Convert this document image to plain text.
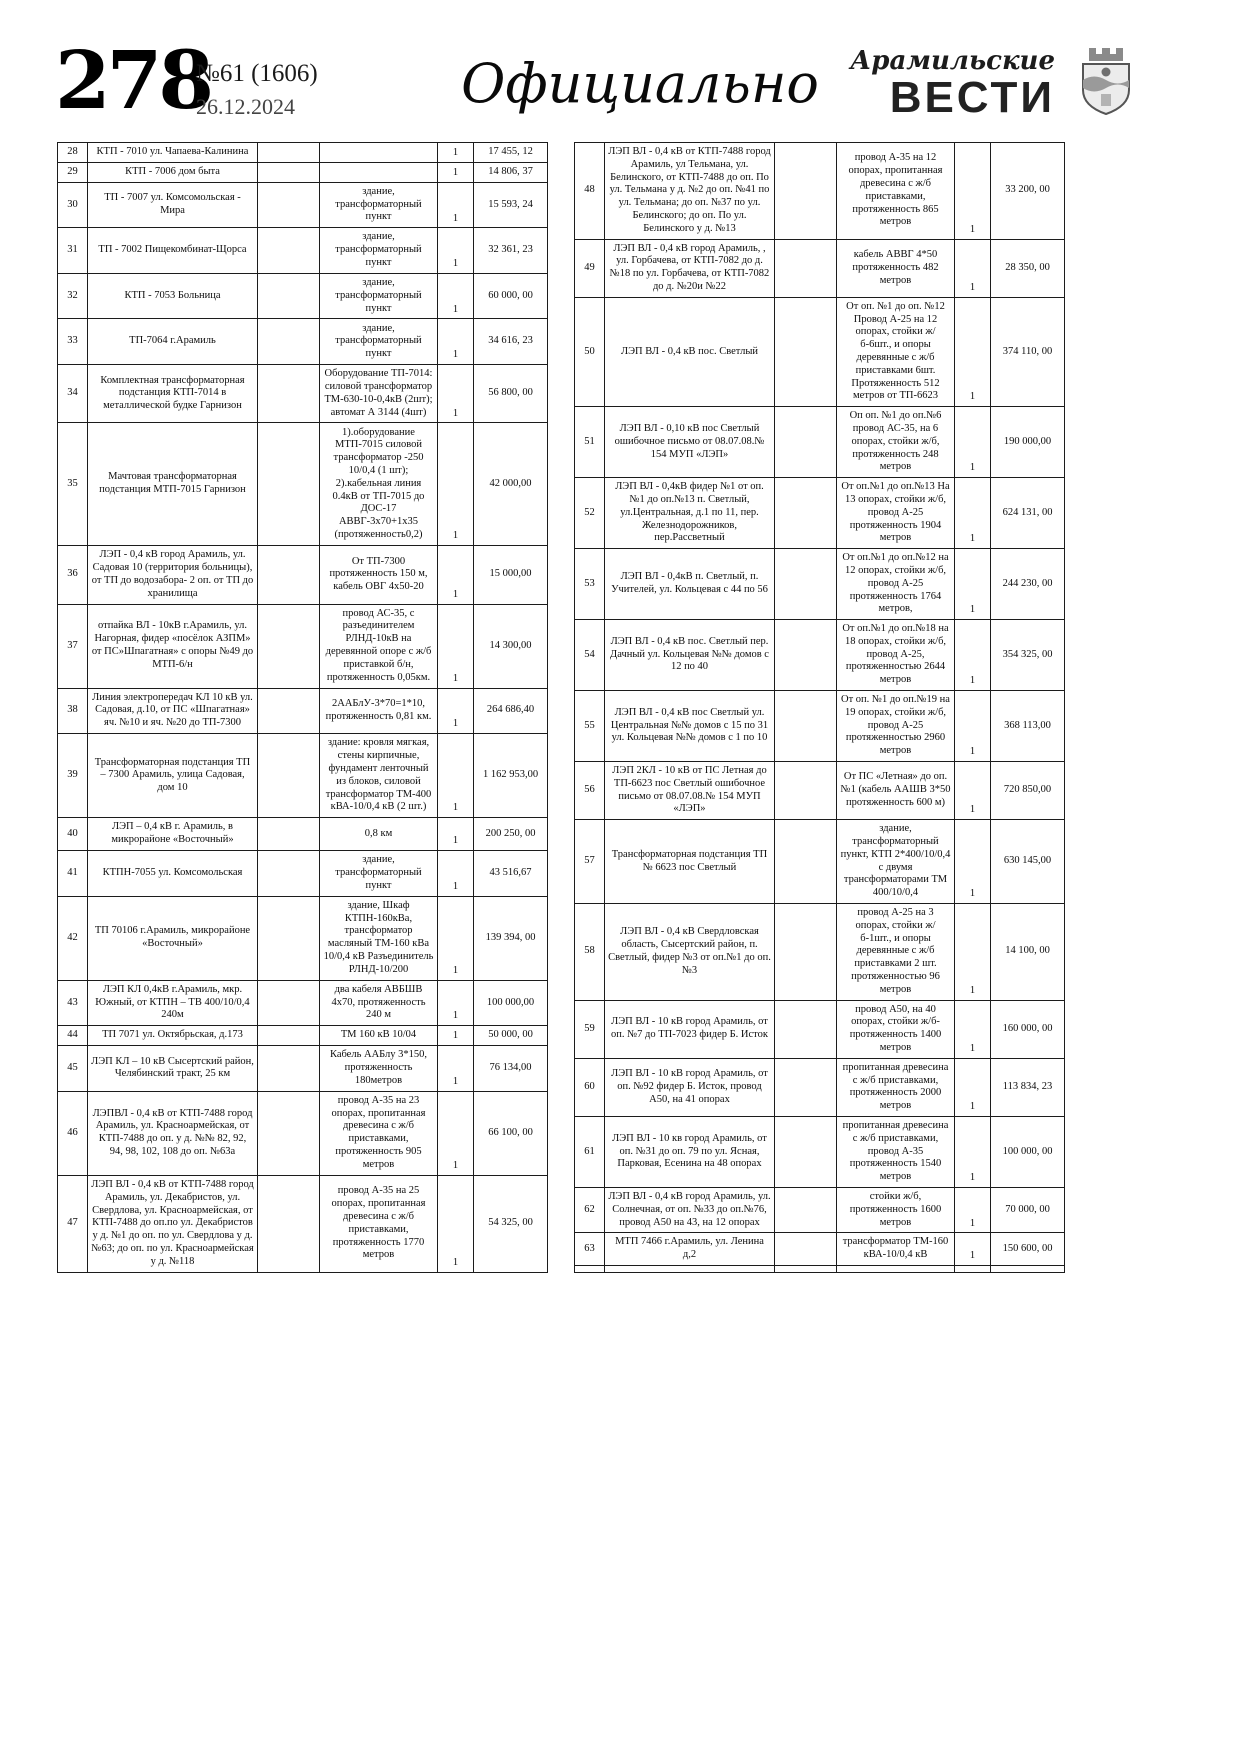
278
№61 (1606)
26.12.2024	Официально	Арамильские
ВЕСТИ
28	КТП - 7010 ул. Чапаева-Калинина			1	17 455, 12
29	КТП - 7006 дом быта			1	14 806, 37
30	ТП - 7007 ул. Комсомольская - Мира		здание, трансформаторный пункт	1	15 593, 24
31	ТП - 7002 Пищекомбинат-Щорса		здание, трансформаторный пункт	1	32 361, 23
32	КТП - 7053 Больница		здание, трансформаторный пункт	1	60 000, 00
33	ТП-7064 г.Арамиль		здание, трансформаторный пункт	1	34 616, 23
34	Комплектная трансформаторная подстанция КТП-7014 в металлической будке Гарнизон		Оборудование ТП-7014: силовой трансформатор ТМ-630-10-0,4кВ (2шт); автомат А 3144 (4шт)	1	56 800, 00
35	Мачтовая трансформаторная подстанция МТП-7015 Гарнизон		1).оборудование МТП-7015 силовой трансформатор -250 10/0,4 (1 шт); 2).кабельная линия 0.4кВ от ТП-7015 до ДОС-17 АВВГ-3х70+1х35 (протяженность0,2)	1	42 000,00
36	ЛЭП - 0,4 кВ город Арамиль, ул. Садовая 10 (территория больницы), от ТП до водозабора- 2 оп. от ТП до хранилища		От ТП-7300 протяженность 150 м, кабель ОВГ 4х50-20	1	15 000,00
37	отпайка ВЛ - 10кВ г.Арамиль, ул. Нагорная, фидер «посёлок АЗПМ» от ПС»Шпагатная» с опоры №49 до МТП-6/н		провод АС-35, с разъединителем РЛНД-10кВ на деревянной опоре с ж/б приставкой б/н, протяженность 0,05км.	1	14 300,00
38	Линия электропередач КЛ 10 кВ ул. Садовая, д.10, от ПС «Шпагатная» яч. №10 и яч. №20 до ТП-7300		2ААБлУ-3*70=1*10, протяженность 0,81 км.	1	264 686,40
39	Трансформаторная подстанция ТП – 7300 Арамиль, улица Садовая, дом 10		здание: кровля мягкая, стены кирпичные, фундамент ленточный из блоков, силовой трансформатор ТМ-400 кВА-10/0,4 кВ (2 шт.)	1	1 162 953,00
40	ЛЭП – 0,4 кВ г. Арамиль, в микрорайоне «Восточный»		0,8 км	1	200 250, 00
41	КТПН-7055 ул. Комсомольская		здание, трансформаторный пункт	1	43 516,67
42	ТП 70106 г.Арамиль, микрорайоне «Восточный»		здание, Шкаф КТПН-160кВа, трансформатор масляный ТМ-160 кВа 10/0,4 кВ Разъединитель РЛНД-10/200	1	139 394, 00
43	ЛЭП КЛ 0,4кВ г.Арамиль, мкр. Южный, от КТПН – ТВ 400/10/0,4 240м		два кабеля АВБШВ 4х70, протяженность 240 м	1	100 000,00
44	ТП 7071 ул. Октябрьская, д.173		ТМ 160 кВ 10/04	1	50 000, 00
45	ЛЭП КЛ – 10 кВ Сысертский район, Челябинский тракт, 25 км		Кабель ААБлу 3*150, протяженность 180метров	1	76 134,00
46	ЛЭПВЛ - 0,4 кВ от КТП-7488 город Арамиль, ул. Красноармейская, от КТП-7488 до оп. у д. №№ 82, 92, 94, 98, 102, 108 до оп. №63а		провод А-35 на 23 опорах, пропитанная древесина с ж/б приставками, протяженность 905 метров	1	66 100, 00
47	ЛЭП ВЛ - 0,4 кВ от КТП-7488 город Арамиль, ул. Декабристов, ул. Свердлова, ул. Красноармейская, от КТП-7488 до оп.по ул. Декабристов у д. №1 до оп. по ул. Свердлова у д. №63; до оп. по ул. Красноармейская у д. №118		провод А-35 на 25 опорах, пропитанная древесина с ж/б приставками, протяженность 1770 метров	1	54 325, 00
48	ЛЭП ВЛ - 0,4 кВ от КТП-7488 город Арамиль, ул Тельмана, ул. Белинского, от КТП-7488 до оп. По ул. Тельмана у д. №2 до оп. №41 по ул. Тельмана; до оп. №37 по ул. Белинского; до оп. По ул. Белинского у д. №13		провод А-35 на 12 опорах, пропитанная древесина с ж/б приставками, протяженность 865 метров	1	33 200, 00
49	ЛЭП ВЛ - 0,4 кВ город Арамиль, , ул. Горбачева, от КТП-7082 до д. №18 по ул. Горбачева, от КТП-7082 до д. №20и №22		кабель АВВГ 4*50 протяженность 482 метров	1	28 350, 00
50	ЛЭП ВЛ - 0,4 кВ пос. Светлый		От оп. №1 до оп. №12 Провод А-25 на 12 опорах, стойки ж/б-6шт., и опоры деревянные с ж/б приставками 6шт. Протяженность 512 метров от ТП-6623	1	374 110, 00
51	ЛЭП ВЛ - 0,10 кВ пос Светлый ошибочное письмо от 08.07.08.№ 154 МУП «ЛЭП»		Оп оп. №1 до оп.№6 провод АС-35, на 6 опорах, стойки ж/б, протяженность 248 метров	1	190 000,00
52	ЛЭП ВЛ - 0,4кВ фидер №1 от оп.№1 до оп.№13 п. Светлый, ул.Центральная, д.1 по 11, пер. Железнодорожников, пер.Рассветный		От оп.№1 до оп.№13 На 13 опорах, стойки ж/б, провод А-25 протяженность 1904 метров	1	624 131, 00
53	ЛЭП ВЛ - 0,4кВ п. Светлый, п. Учителей, ул. Кольцевая с 44 по 56		От оп.№1 до оп.№12 на 12 опорах, стойки ж/б, провод А-25 протяженность 1764 метров,	1	244 230, 00
54	ЛЭП ВЛ - 0,4 кВ пос. Светлый пер. Дачный ул. Кольцевая №№ домов с 12 по 40		От оп.№1 до оп.№18 на 18 опорах, стойки ж/б, провод А-25, протяженностью 2644 метров	1	354 325, 00
55	ЛЭП ВЛ - 0,4 кВ пос Светлый ул. Центральная №№ домов с 15 по 31 ул. Кольцевая №№ домов с 1 по 10		От оп. №1 до оп.№19 на 19 опорах, стойки ж/б, провод А-25 протяженностью 2960 метров	1	368 113,00
56	ЛЭП 2КЛ - 10 кВ от ПС Летная до ТП-6623 пос Светлый ошибочное письмо от 08.07.08.№ 154 МУП «ЛЭП»		От ПС «Летная» до оп.№1 (кабель ААШВ 3*50 протяженность 600 м)	1	720 850,00
57	Трансформаторная подстанция ТП № 6623 пос Светлый		здание, трансформаторный пункт, КТП 2*400/10/0,4 с двумя трансформаторами ТМ 400/10/0,4	1	630 145,00
58	ЛЭП ВЛ - 0,4 кВ Свердловская область, Сысертский район, п. Светлый, фидер №3 от оп.№1 до оп.№3		провод А-25 на 3 опорах, стойки ж/б-1шт., и опоры деревянные с ж/б приставками 2 шт. протяженностью 96 метров	1	14 100, 00
59	ЛЭП ВЛ - 10 кВ город Арамиль, от оп. №7 до ТП-7023 фидер Б. Исток		провод А50, на 40 опорах, стойки ж/б-протяженность 1400 метров	1	160 000, 00
60	ЛЭП ВЛ - 10 кВ город Арамиль, от оп. №92 фидер Б. Исток, провод А50, на 41 опорах		пропитанная древесина с ж/б приставками, протяженность 2000 метров	1	113 834, 23
61	ЛЭП ВЛ - 10 кв город Арамиль, от оп. №31 до оп. 79 по ул. Ясная, Парковая, Есенина на 48 опорах		пропитанная древесина с ж/б приставками, провод А-35 протяженность 1540 метров	1	100 000, 00
62	ЛЭП ВЛ - 0,4 кВ город Арамиль, ул. Солнечная, от оп. №33 до оп.№76, провод А50 на 43, на 12 опорах		стойки ж/б, протяженность 1600 метров	1	70 000, 00
63	МТП 7466 г.Арамиль, ул. Ленина д,2		трансформатор ТМ-160 кВА-10/0,4 кВ	1	150 600, 00
